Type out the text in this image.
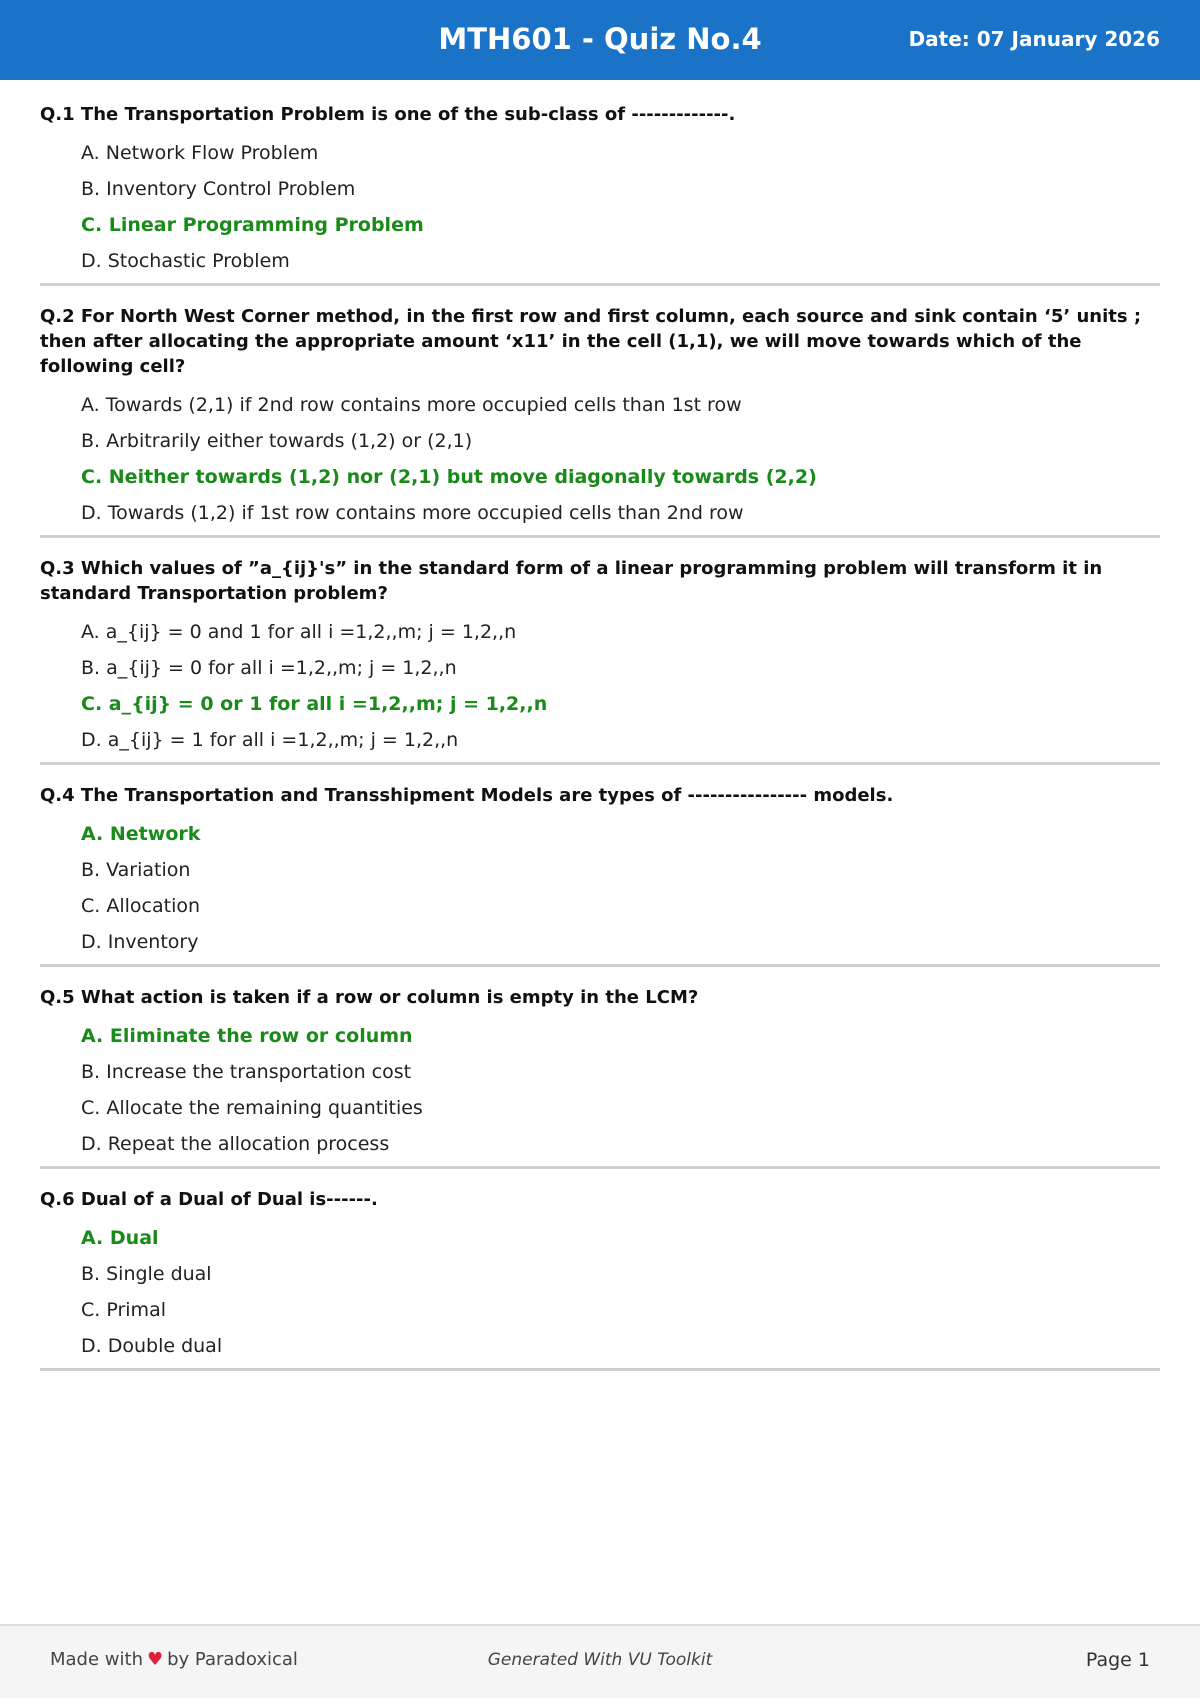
MTH601 - Quiz No.4	Date: 07 January 2026
Q.1 The Transportation Problem is one of the sub-class of -------------.
A. Network Flow Problem
B. Inventory Control Problem
C. Linear Programming Problem
D. Stochastic Problem
Q.2 For North West Corner method, in the first row and first column, each source and sink contain ‘5’ units ; then after allocating the appropriate amount ‘x11’ in the cell (1,1), we will move towards which of the following cell?
A. Towards (2,1) if 2nd row contains more occupied cells than 1st row
B. Arbitrarily either towards (1,2) or (2,1)
C. Neither towards (1,2) nor (2,1) but move diagonally towards (2,2)
D. Towards (1,2) if 1st row contains more occupied cells than 2nd row
Q.3 Which values of ”a_{ij}'s” in the standard form of a linear programming problem will transform it in standard Transportation problem?
A. a_{ij} = 0 and 1 for all i =1,2,,m; j = 1,2,,n
B. a_{ij} = 0 for all i =1,2,,m; j = 1,2,,n
C. a_{ij} = 0 or 1 for all i =1,2,,m; j = 1,2,,n
D. a_{ij} = 1 for all i =1,2,,m; j = 1,2,,n
Q.4 The Transportation and Transshipment Models are types of ---------------- models.
A. Network
B. Variation
C. Allocation
D. Inventory
Q.5 What action is taken if a row or column is empty in the LCM?
A. Eliminate the row or column
B. Increase the transportation cost
C. Allocate the remaining quantities
D. Repeat the allocation process
Q.6 Dual of a Dual of Dual is------.
A. Dual
B. Single dual
C. Primal
D. Double dual
Made with ♥ by Paradoxical	Generated With VU Toolkit	Page 1
